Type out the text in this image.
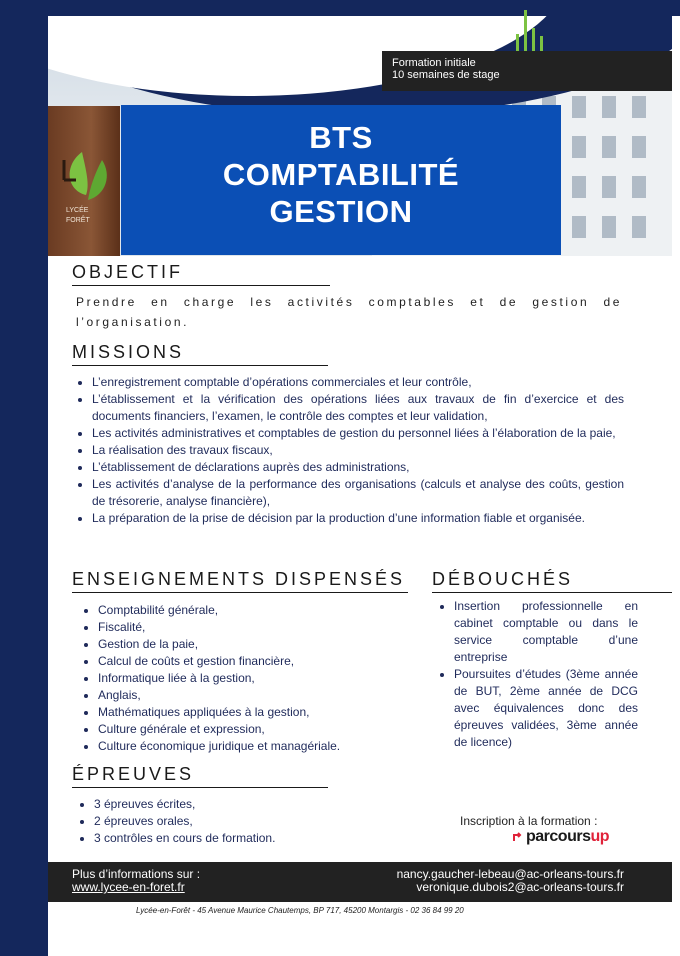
LYCÉE
FORÊT
Formation initiale
10 semaines de stage
BTS
COMPTABILITÉ
GESTION
OBJECTIF
Prendre en charge les activités comptables et de gestion de l’organisation.
MISSIONS
• L’enregistrement comptable d’opérations commerciales et leur contrôle,
• L’établissement et la vérification des opérations liées aux travaux de fin d’exercice et des documents financiers, l’examen, le contrôle des comptes et leur validation,
• Les activités administratives et comptables de gestion du personnel liées à l’élaboration de la paie,
• La réalisation des travaux fiscaux,
• L’établissement de déclarations auprès des administrations,
• Les activités d’analyse de la performance des organisations (calculs et analyse des coûts, gestion de trésorerie, analyse financière),
• La préparation de la prise de décision par la production d’une information fiable et organisée.
ENSEIGNEMENTS DISPENSÉS
• Comptabilité générale,
• Fiscalité,
• Gestion de la paie,
• Calcul de coûts et gestion financière,
• Informatique liée à la gestion,
• Anglais,
• Mathématiques appliquées à la gestion,
• Culture générale et expression,
• Culture économique juridique et managériale.
DÉBOUCHÉS
• Insertion professionnelle en cabinet comptable ou dans le service comptable d’une entreprise
• Poursuites d’études (3ème année de BUT, 2ème année de DCG avec équivalences donc des épreuves validées, 3ème année de licence)
ÉPREUVES
• 3 épreuves écrites,
• 2 épreuves orales,
• 3 contrôles en cours de formation.
Inscription à la formation :
parcoursup
Plus d’informations sur :
www.lycee-en-foret.fr
nancy.gaucher-lebeau@ac-orleans-tours.fr
veronique.dubois2@ac-orleans-tours.fr
Lycée-en-Forêt - 45 Avenue Maurice Chautemps, BP 717, 45200 Montargis - 02 36 84 99 20
